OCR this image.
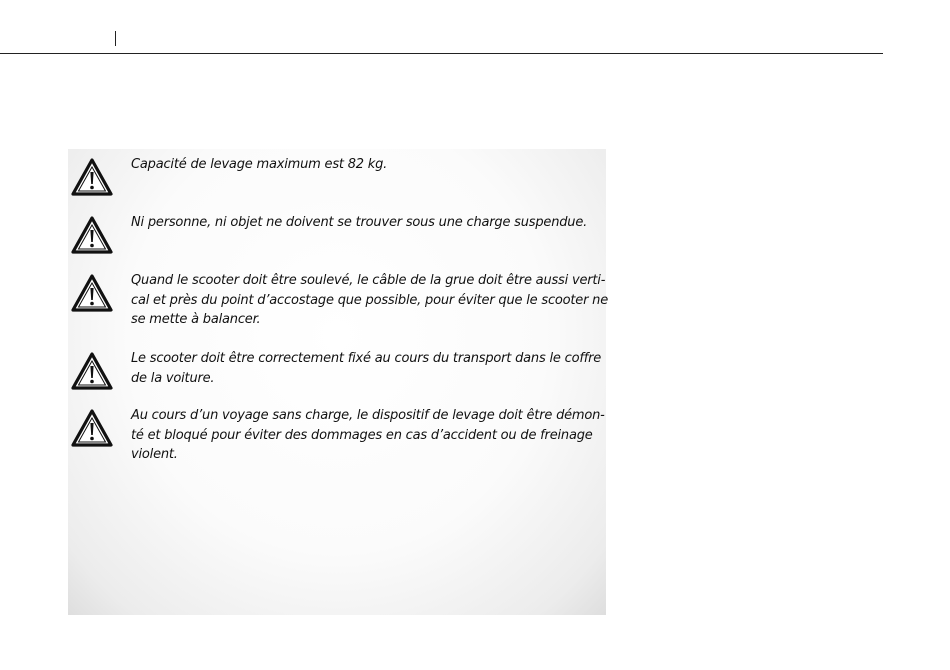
Capacité de levage maximum est 82 kg.

Ni personne, ni objet ne doivent se trouver sous une charge suspendue.

Quand le scooter doit être soulevé, le câble de la grue doit être aussi verti-
cal et près du point d’accostage que possible, pour éviter que le scooter ne
se mette à balancer.

Le scooter doit être correctement fixé au cours du transport dans le coffre
de la voiture.

Au cours d’un voyage sans charge, le dispositif de levage doit être démon-
té et bloqué pour éviter des dommages en cas d’accident ou de freinage
violent.
